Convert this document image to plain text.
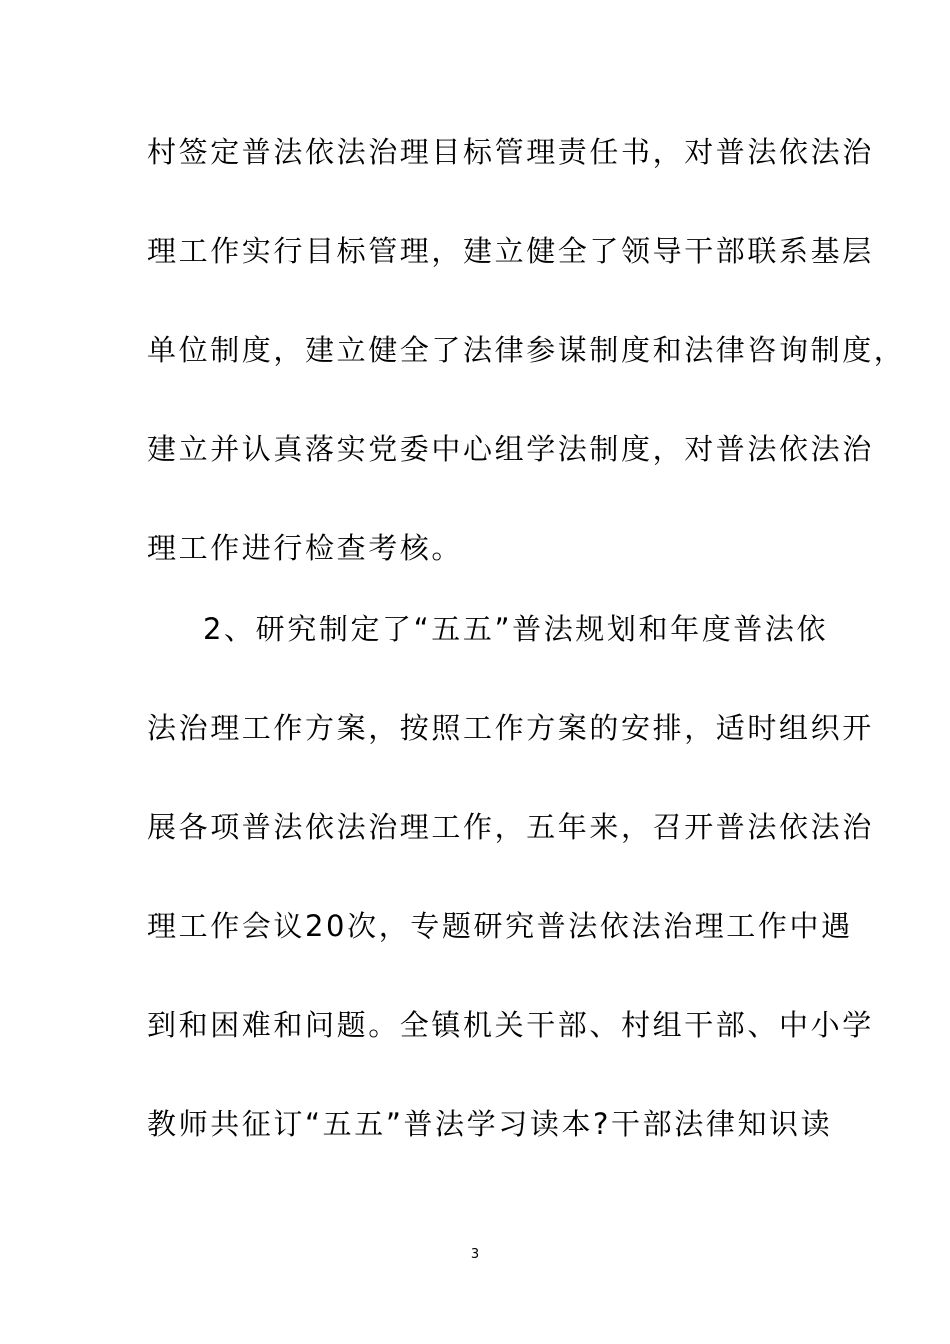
村签定普法依法治理目标管理责任书，对普法依法治
理工作实行目标管理，建立健全了领导干部联系基层
单位制度，建立健全了法律参谋制度和法律咨询制度，
建立并认真落实党委中心组学法制度，对普法依法治
理工作进行检查考核。
2、研究制定了“五五”普法规划和年度普法依
法治理工作方案，按照工作方案的安排，适时组织开
展各项普法依法治理工作，五年来，召开普法依法治
理工作会议20次，专题研究普法依法治理工作中遇
到和困难和问题。全镇机关干部、村组干部、中小学
教师共征订“五五”普法学习读本?干部法律知识读
3
